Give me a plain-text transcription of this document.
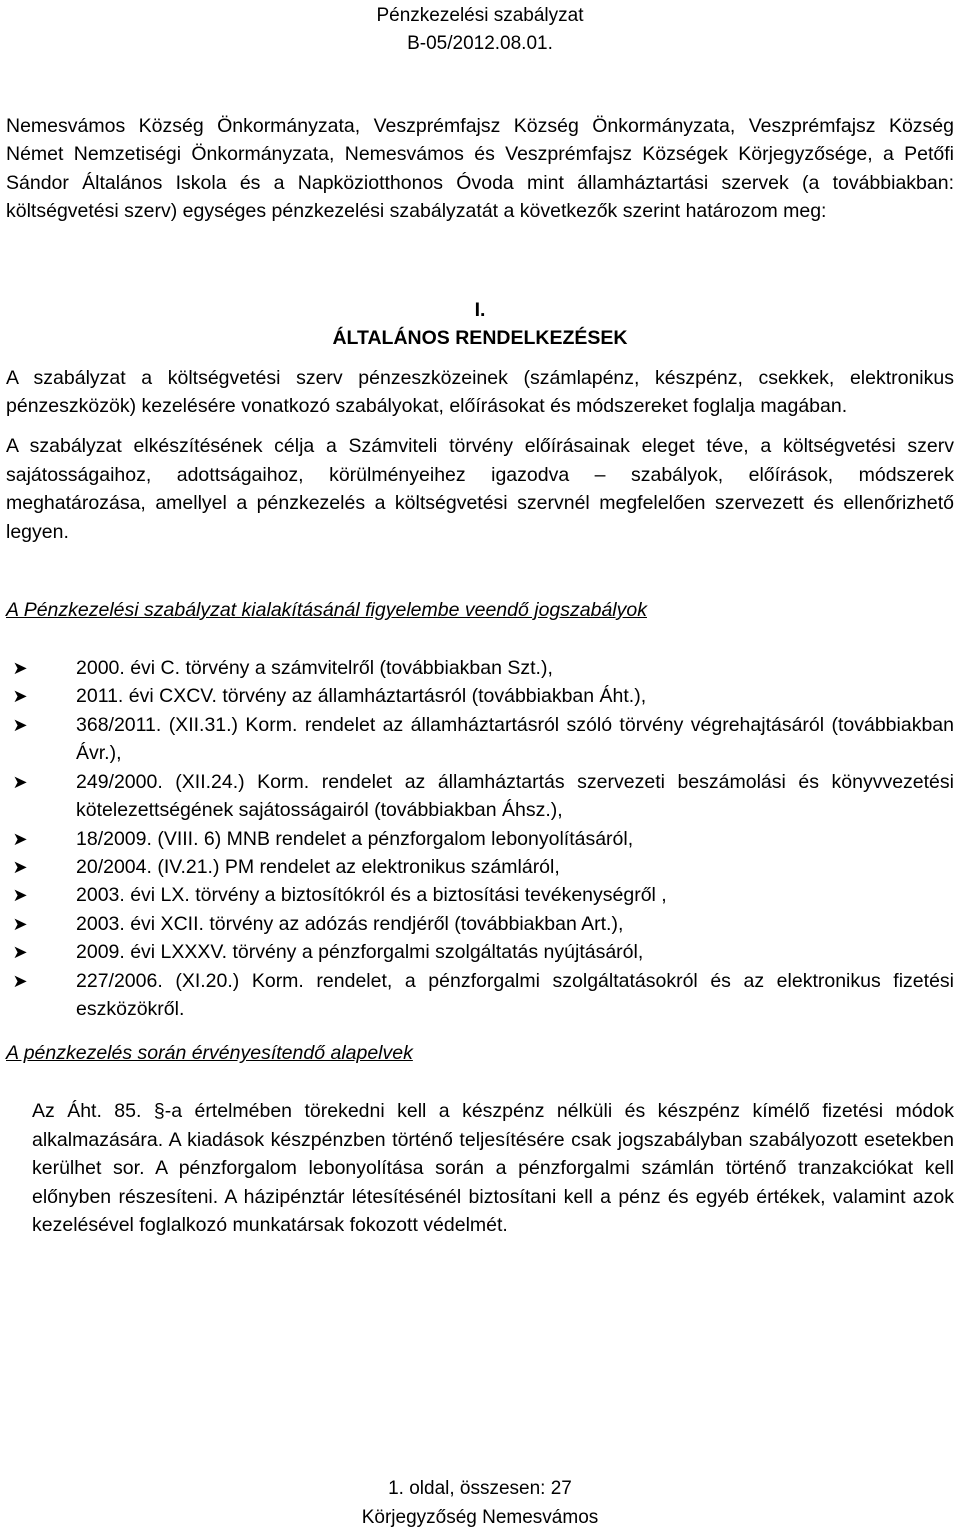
Pénzkezelési szabályzat
B-05/2012.08.01.

Nemesvámos Község Önkormányzata, Veszprémfajsz Község Önkormányzata, Veszprémfajsz Község Német Nemzetiségi Önkormányzata, Nemesvámos és Veszprémfajsz Községek Körjegyzősége, a Petőfi Sándor Általános Iskola és a Napköziotthonos Óvoda mint államháztartási szervek (a továbbiakban: költségvetési szerv) egységes pénzkezelési szabályzatát a következők szerint határozom meg:

I.
ÁLTALÁNOS RENDELKEZÉSEK

A szabályzat a költségvetési szerv pénzeszközeinek (számlapénz, készpénz, csekkek, elektronikus pénzeszközök) kezelésére vonatkozó szabályokat, előírásokat és módszereket foglalja magában.

A szabályzat elkészítésének célja a Számviteli törvény előírásainak eleget téve, a költségvetési szerv sajátosságaihoz, adottságaihoz, körülményeihez igazodva – szabályok, előírások, módszerek meghatározása, amellyel a pénzkezelés a költségvetési szervnél megfelelően szervezett és ellenőrizhető legyen.

A Pénzkezelési szabályzat kialakításánál figyelembe veendő jogszabályok
➤ 2000. évi C. törvény a számvitelről (továbbiakban Szt.),
➤ 2011. évi CXCV. törvény az államháztartásról (továbbiakban Áht.),
➤ 368/2011. (XII.31.) Korm. rendelet az államháztartásról szóló törvény végrehajtásáról (továbbiakban Ávr.),
➤ 249/2000. (XII.24.) Korm. rendelet az államháztartás szervezeti beszámolási és könyvvezetési kötelezettségének sajátosságairól (továbbiakban Áhsz.),
➤ 18/2009. (VIII. 6) MNB rendelet a pénzforgalom lebonyolításáról,
➤ 20/2004. (IV.21.) PM rendelet az elektronikus számláról,
➤ 2003. évi LX. törvény a biztosítókról és a biztosítási tevékenységről ,
➤ 2003. évi XCII. törvény az adózás rendjéről (továbbiakban Art.),
➤ 2009. évi LXXXV. törvény a pénzforgalmi szolgáltatás nyújtásáról,
➤ 227/2006. (XI.20.) Korm. rendelet, a pénzforgalmi szolgáltatásokról és az elektronikus fizetési eszközökről.
A pénzkezelés során érvényesítendő alapelvek

Az Áht. 85. §-a értelmében törekedni kell a készpénz nélküli és készpénz kímélő fizetési módok alkalmazására. A kiadások készpénzben történő teljesítésére csak jogszabályban szabályozott esetekben kerülhet sor. A pénzforgalom lebonyolítása során a pénzforgalmi számlán történő tranzakciókat kell előnyben részesíteni. A házipénztár létesítésénél biztosítani kell a pénz és egyéb értékek, valamint azok kezelésével foglalkozó munkatársak fokozott védelmét.

1. oldal, összesen: 27
Körjegyzőség Nemesvámos
